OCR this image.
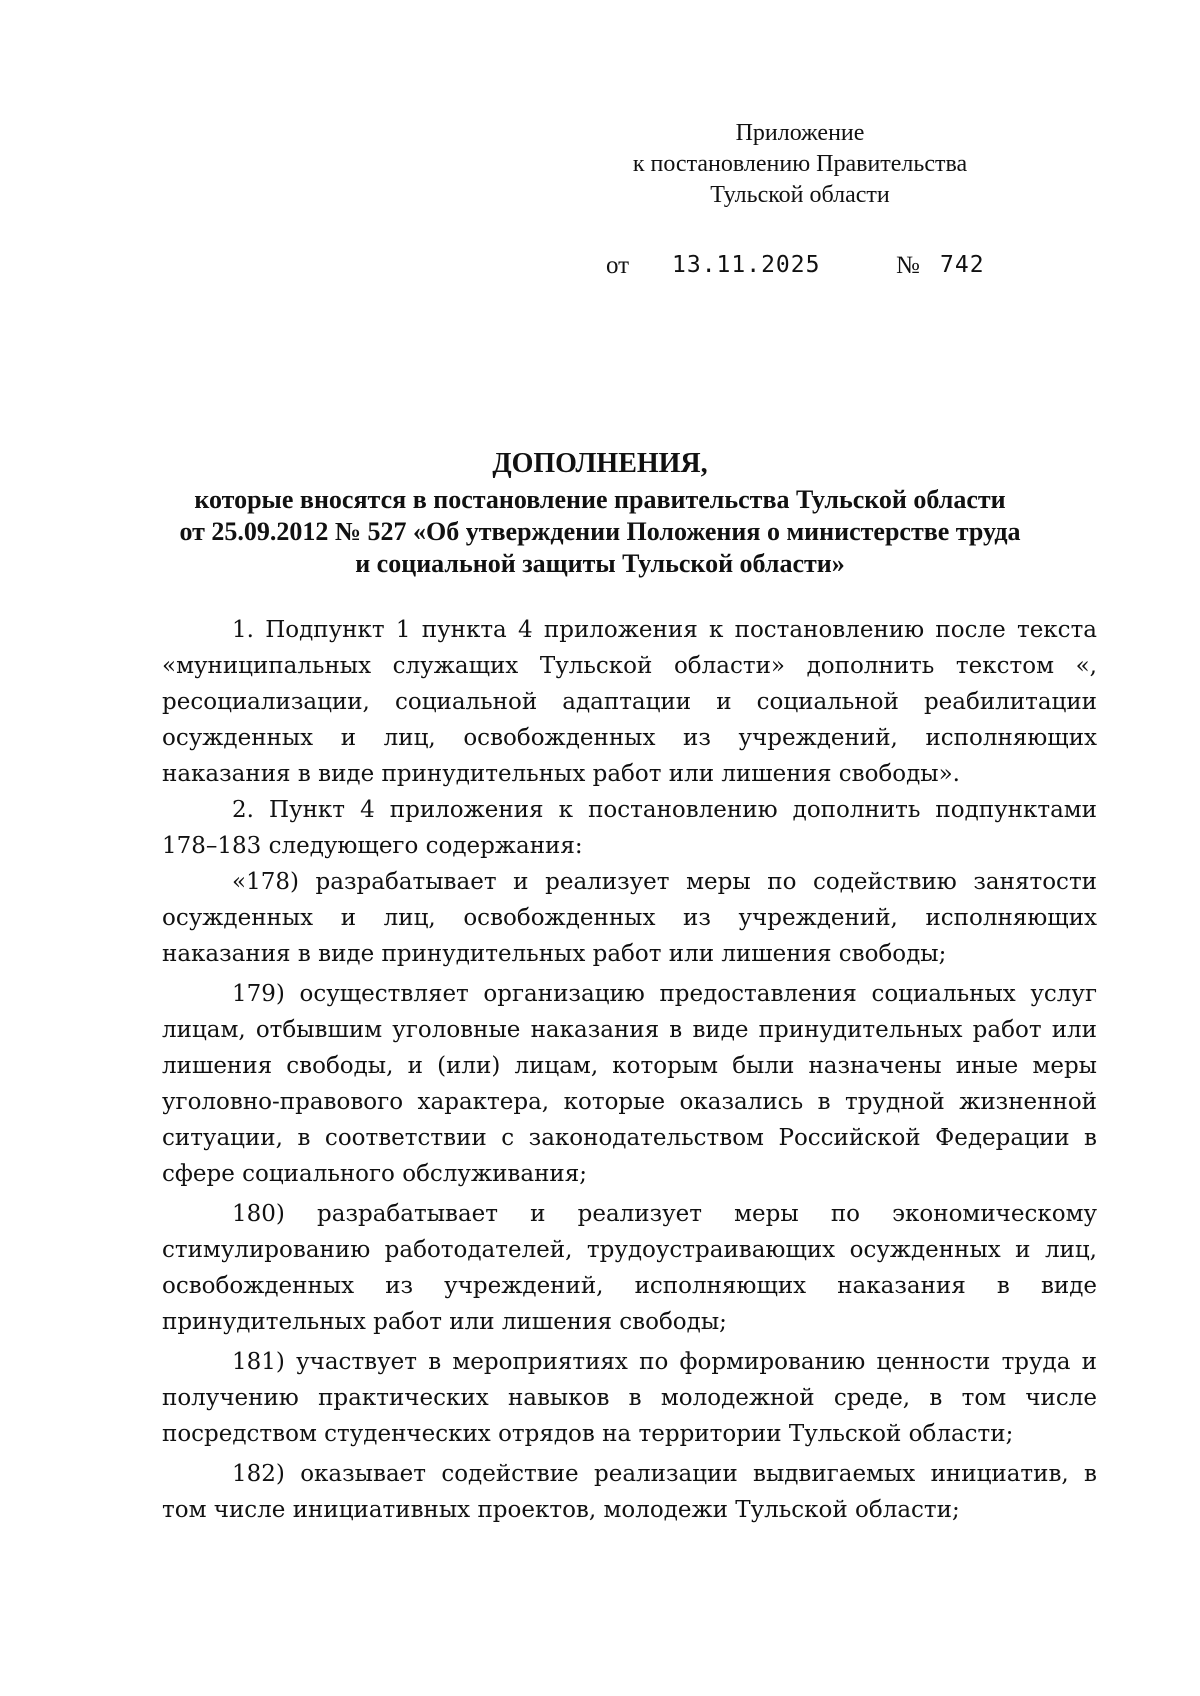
Приложение
к постановлению Правительства
Тульской области
от 13.11.2025	№ 742
ДОПОЛНЕНИЯ,
которые вносятся в постановление правительства Тульской области
от 25.09.2012 № 527 «Об утверждении Положения о министерстве труда
и социальной защиты Тульской области»

1. Подпункт 1 пункта 4 приложения к постановлению после текста «муниципальных служащих Тульской области» дополнить текстом «, ресоциализации, социальной адаптации и социальной реабилитации осужденных и лиц, освобожденных из учреждений, исполняющих наказания в виде принудительных работ или лишения свободы».

2. Пункт 4 приложения к постановлению дополнить подпунктами 178–183 следующего содержания:

«178) разрабатывает и реализует меры по содействию занятости осужденных и лиц, освобожденных из учреждений, исполняющих наказания в виде принудительных работ или лишения свободы;

179) осуществляет организацию предоставления социальных услуг лицам, отбывшим уголовные наказания в виде принудительных работ или лишения свободы, и (или) лицам, которым были назначены иные меры уголовно-правового характера, которые оказались в трудной жизненной ситуации, в соответствии с законодательством Российской Федерации в сфере социального обслуживания;

180) разрабатывает и реализует меры по экономическому стимулированию работодателей, трудоустраивающих осужденных и лиц, освобожденных из учреждений, исполняющих наказания в виде принудительных работ или лишения свободы;

181) участвует в мероприятиях по формированию ценности труда и получению практических навыков в молодежной среде, в том числе посредством студенческих отрядов на территории Тульской области;

182) оказывает содействие реализации выдвигаемых инициатив, в том числе инициативных проектов, молодежи Тульской области;
